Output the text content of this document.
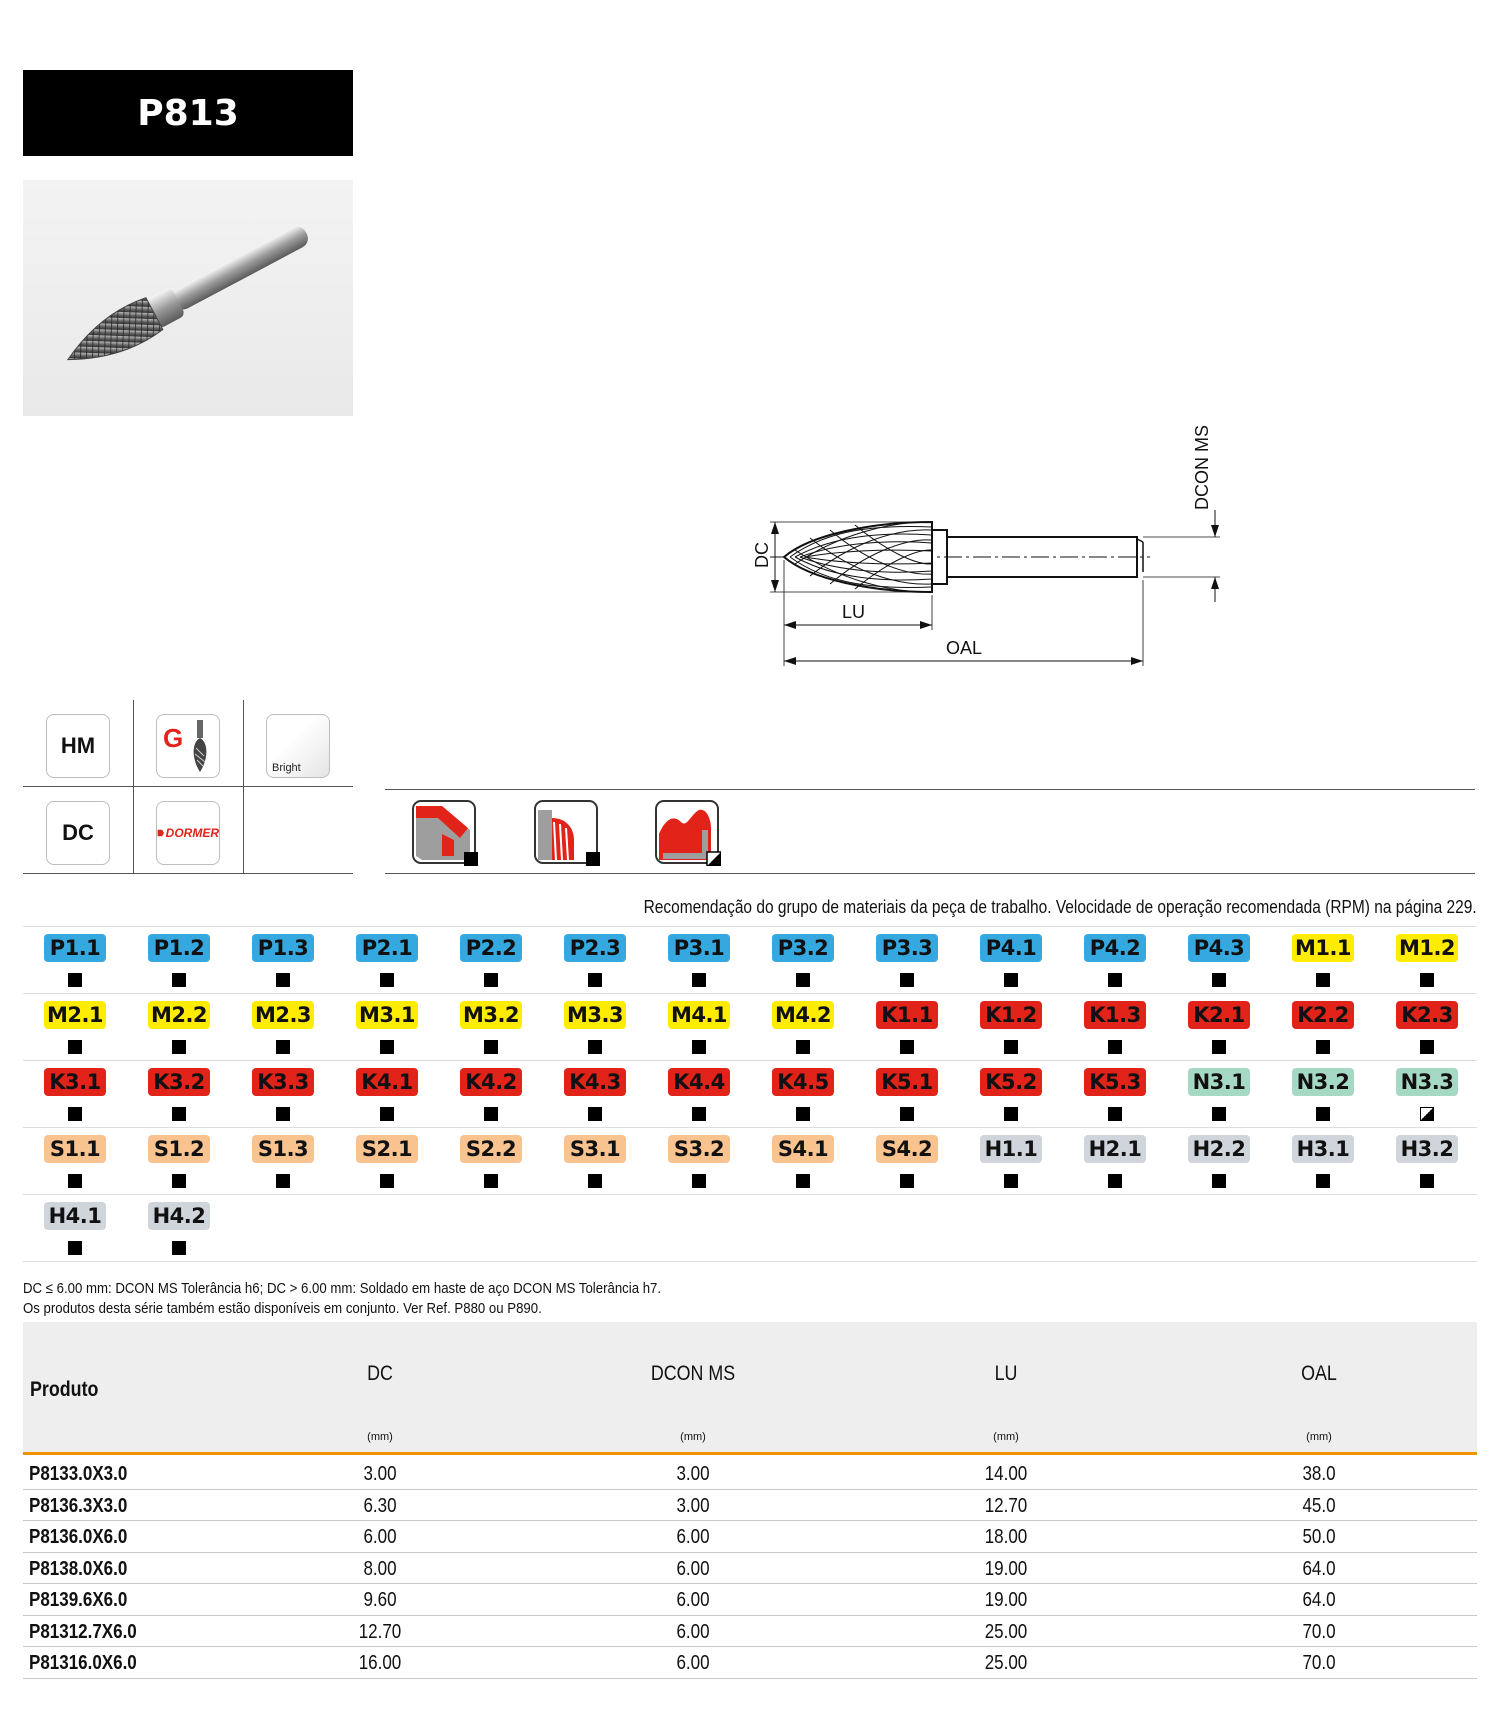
P813
DC
DCON MS
LU
OAL
HM	G
Bright
DC	DORMER
Recomendação do grupo de materiais da peça de trabalho. Velocidade de operação recomendada (RPM) na página 229.
P1.1	P1.2	P1.3	P2.1	P2.2	P2.3	P3.1	P3.2	P3.3	P4.1	P4.2	P4.3 M1.1 M1.2
M2.1 M2.2 M2.3 M3.1 M3.2 M3.3 M4.1 M4.2 K1.1	K1.2	K1.3	K2.1	K2.2	K2.3
K3.1	K3.2	K3.3	K4.1	K4.2	K4.3	K4.4	K4.5	K5.1	K5.2	K5.3 N3.1 N3.2 N3.3
S1.1	S1.2	S1.3	S2.1	S2.2	S3.1	S3.2	S4.1	S4.2 H1.1 H2.1 H2.2 H3.1 H3.2
H4.1 H4.2
DC ≤ 6.00 mm: DCON MS Tolerância h6; DC > 6.00 mm: Soldado em haste de aço DCON MS Tolerância h7.
Os produtos desta série também estão disponíveis em conjunto. Ver Ref. P880 ou P890.
Produto
DC	DCON MS	LU	OAL
(mm)	(mm)	(mm)	(mm)
P8133.0X3.0	3.00	3.00	14.00	38.0
P8136.3X3.0	6.30	3.00	12.70	45.0
P8136.0X6.0	6.00	6.00	18.00	50.0
P8138.0X6.0	8.00	6.00	19.00	64.0
P8139.6X6.0	9.60	6.00	19.00	64.0
P81312.7X6.0	12.70	6.00	25.00	70.0
P81316.0X6.0	16.00	6.00	25.00	70.0
